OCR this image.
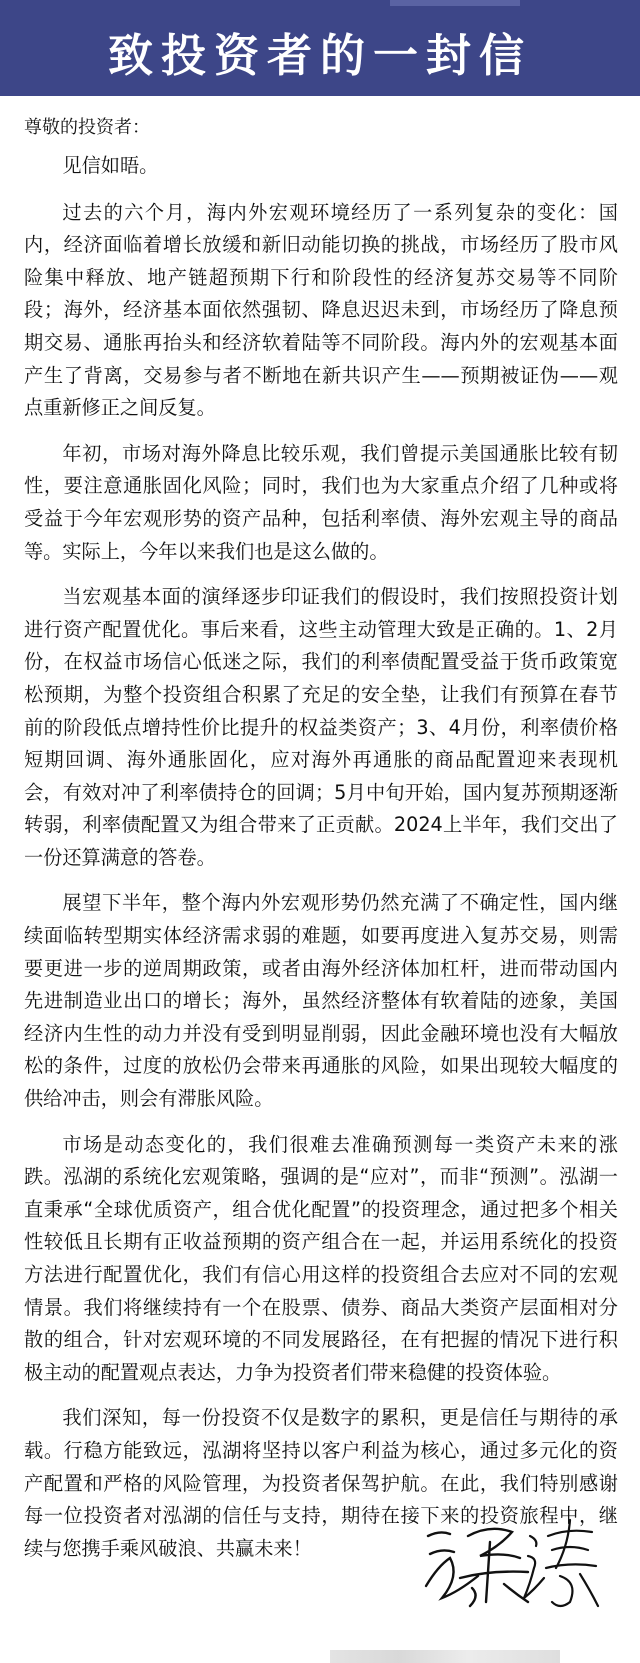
致投资者的一封信

尊敬的投资者：

见信如晤。

过去的六个月，海内外宏观环境经历了一系列复杂的变化：国内，经济面临着增长放缓和新旧动能切换的挑战，市场经历了股市风险集中释放、地产链超预期下行和阶段性的经济复苏交易等不同阶段；海外，经济基本面依然强韧、降息迟迟未到，市场经历了降息预期交易、通胀再抬头和经济软着陆等不同阶段。海内外的宏观基本面产生了背离，交易参与者不断地在新共识产生——预期被证伪——观点重新修正之间反复。

年初，市场对海外降息比较乐观，我们曾提示美国通胀比较有韧性，要注意通胀固化风险；同时，我们也为大家重点介绍了几种或将受益于今年宏观形势的资产品种，包括利率债、海外宏观主导的商品等。实际上，今年以来我们也是这么做的。

当宏观基本面的演绎逐步印证我们的假设时，我们按照投资计划进行资产配置优化。事后来看，这些主动管理大致是正确的。1、2月份，在权益市场信心低迷之际，我们的利率债配置受益于货币政策宽松预期，为整个投资组合积累了充足的安全垫，让我们有预算在春节前的阶段低点增持性价比提升的权益类资产；3、4月份，利率债价格短期回调、海外通胀固化，应对海外再通胀的商品配置迎来表现机会，有效对冲了利率债持仓的回调；5月中旬开始，国内复苏预期逐渐转弱，利率债配置又为组合带来了正贡献。2024上半年，我们交出了一份还算满意的答卷。

展望下半年，整个海内外宏观形势仍然充满了不确定性，国内继续面临转型期实体经济需求弱的难题，如要再度进入复苏交易，则需要更进一步的逆周期政策，或者由海外经济体加杠杆，进而带动国内先进制造业出口的增长；海外，虽然经济整体有软着陆的迹象，美国经济内生性的动力并没有受到明显削弱，因此金融环境也没有大幅放松的条件，过度的放松仍会带来再通胀的风险，如果出现较大幅度的供给冲击，则会有滞胀风险。

市场是动态变化的，我们很难去准确预测每一类资产未来的涨跌。泓湖的系统化宏观策略，强调的是“应对”，而非“预测”。泓湖一直秉承“全球优质资产，组合优化配置”的投资理念，通过把多个相关性较低且长期有正收益预期的资产组合在一起，并运用系统化的投资方法进行配置优化，我们有信心用这样的投资组合去应对不同的宏观情景。我们将继续持有一个在股票、债券、商品大类资产层面相对分散的组合，针对宏观环境的不同发展路径，在有把握的情况下进行积极主动的配置观点表达，力争为投资者们带来稳健的投资体验。

我们深知，每一份投资不仅是数字的累积，更是信任与期待的承载。行稳方能致远，泓湖将坚持以客户利益为核心，通过多元化的资产配置和严格的风险管理，为投资者保驾护航。在此，我们特别感谢每一位投资者对泓湖的信任与支持，期待在接下来的投资旅程中，继续与您携手乘风破浪、共赢未来！
